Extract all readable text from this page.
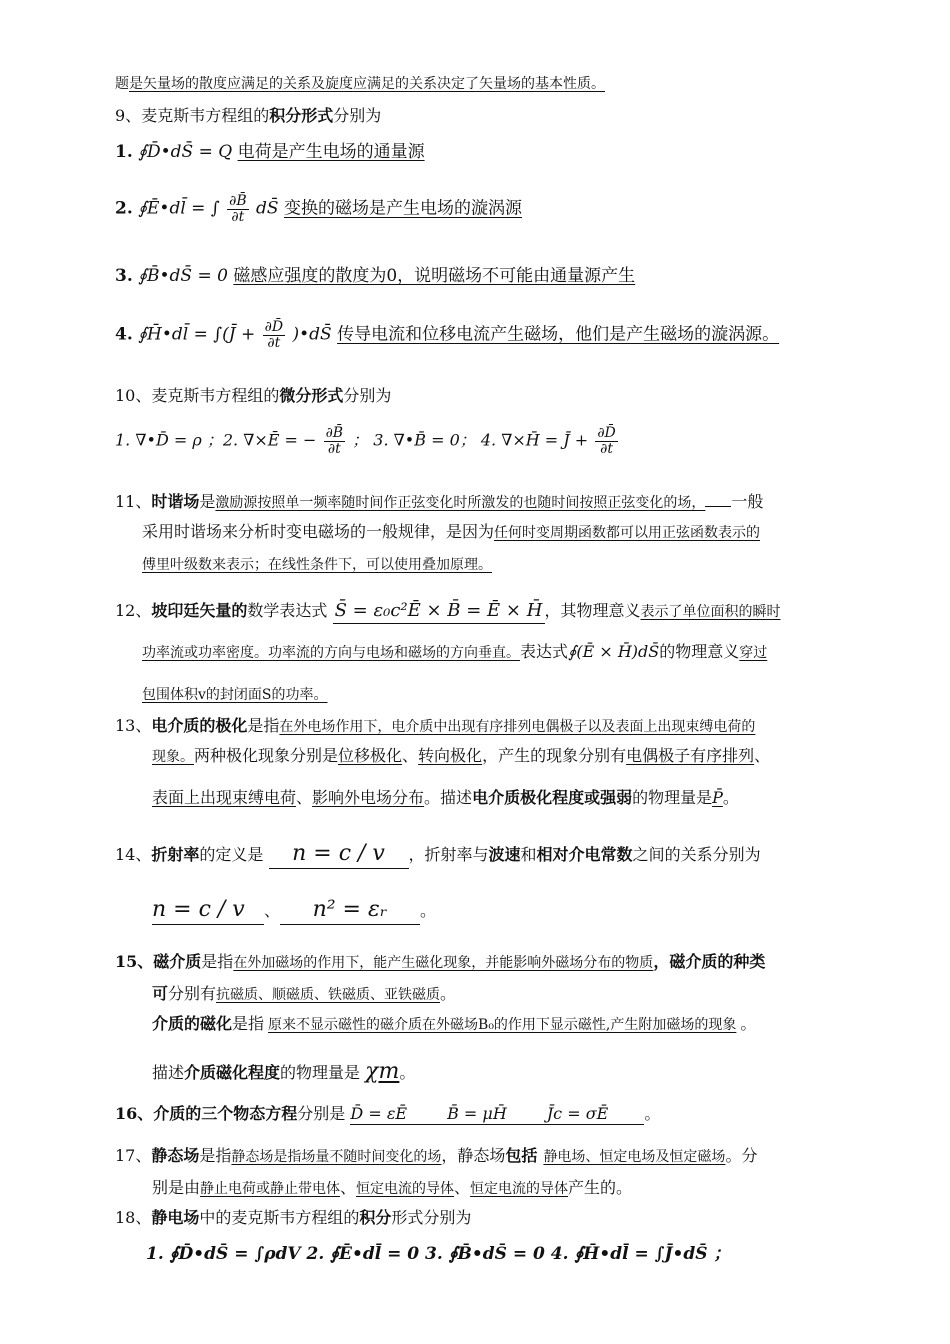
题是矢量场的散度应满足的关系及旋度应满足的关系决定了矢量场的基本性质。
9、麦克斯韦方程组的积分形式分别为
1. ∮D̄•dS̄ = Q 电荷是产生电场的通量源
2. ∮Ē•dl̄ = ∫ $\frac{\partial B̄}{\partial t}$ dS̄ 变换的磁场是产生电场的漩涡源
3. ∮B̄•dS̄ = 0 磁感应强度的散度为0，说明磁场不可能由通量源产生
4. ∮H̄•dl̄ = ∫(J̄ + $\frac{\partial D̄}{\partial t}$ )•dS̄ 传导电流和位移电流产生磁场，他们是产生磁场的漩涡源。
10、麦克斯韦方程组的微分形式分别为
1. ∇•D̄ = ρ ；2. ∇×Ē = − $\frac{\partial B̄}{\partial t}$ ； 3. ∇•B̄ = 0； 4. ∇×H̄ = J̄ + $\frac{\partial D̄}{\partial t}$
11、时谐场是激励源按照单一频率随时间作正弦变化时所激发的也随时间按照正弦变化的场， 一般
采用时谐场来分析时变电磁场的一般规律，是因为任何时变周期函数都可以用正弦函数表示的
傅里叶级数来表示；在线性条件下，可以使用叠加原理。
12、坡印廷矢量的数学表达式 S̄ = ε₀c²Ē × B̄ = Ē × H̄ ，其物理意义表示了单位面积的瞬时
功率流或功率密度。功率流的方向与电场和磁场的方向垂直。表达式∮(Ē × H̄)dS̄的物理意义穿过
包围体积v的封闭面S的功率。
13、电介质的极化是指在外电场作用下，电介质中出现有序排列电偶极子以及表面上出现束缚电荷的
现象。两种极化现象分别是位移极化、转向极化，产生的现象分别有电偶极子有序排列、
表面上出现束缚电荷、影响外电场分布。描述电介质极化程度或强弱的物理量是P̄。
14、折射率的定义是 n = c / v ，折射率与波速和相对介电常数之间的关系分别为
n = c / v 、 n² = εᵣ 。
15、磁介质是指在外加磁场的作用下，能产生磁化现象，并能影响外磁场分布的物质，磁介质的种类
可分别有抗磁质、顺磁质、铁磁质、亚铁磁质。
介质的磁化是指 原来不显示磁性的磁介质在外磁场B₀的作用下显示磁性,产生附加磁场的现象 。
描述介质磁化程度的物理量是 χm。
16、介质的三个物态方程分别是 D̄ = εĒ	B̄ = μH̄	J̄c = σĒ 。
17、静态场是指静态场是指场量不随时间变化的场，静态场包括 静电场、恒定电场及恒定磁场。分
别是由静止电荷或静止带电体、恒定电流的导体、恒定电流的导体产生的。
18、静电场中的麦克斯韦方程组的积分形式分别为
1. ∮D̄•dS̄ = ∫ρdV 2. ∮Ē•dl̄ = 0 3. ∮B̄•dS̄ = 0 4. ∮H̄•dl̄ = ∫J̄•dS̄ ；
